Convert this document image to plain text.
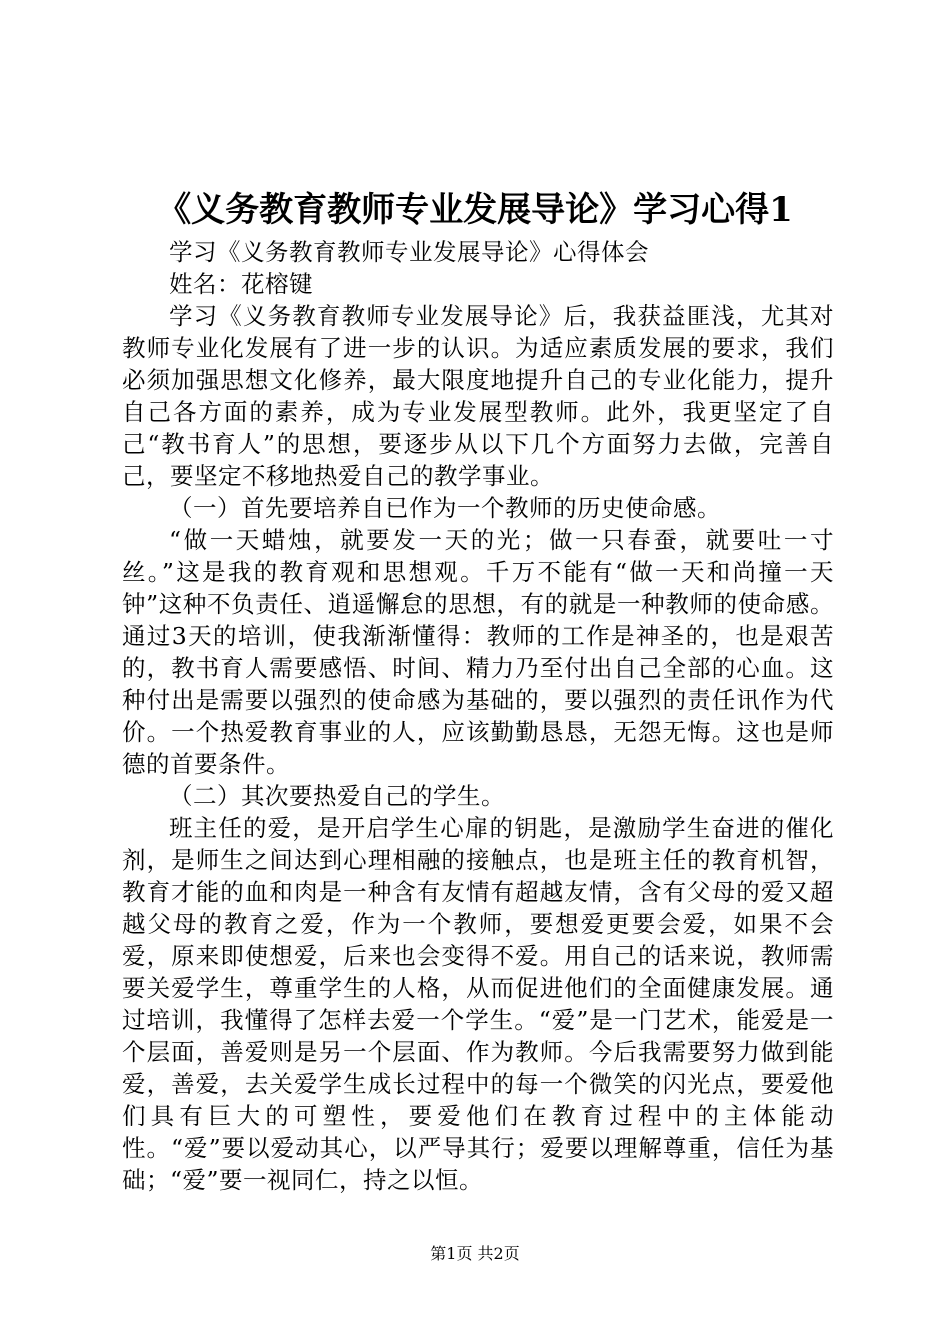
《义务教育教师专业发展导论》学习心得1

学习《义务教育教师专业发展导论》心得体会

姓名：花榕键

学习《义务教育教师专业发展导论》后，我获益匪浅，尤其对教师专业化发展有了进一步的认识。为适应素质发展的要求，我们必须加强思想文化修养，最大限度地提升自己的专业化能力，提升自己各方面的素养，成为专业发展型教师。此外，我更坚定了自己“教书育人”的思想，要逐步从以下几个方面努力去做，完善自己，要坚定不移地热爱自己的教学事业。

（一）首先要培养自已作为一个教师的历史使命感。

“做一天蜡烛，就要发一天的光；做一只春蚕，就要吐一寸丝。”这是我的教育观和思想观。千万不能有“做一天和尚撞一天钟”这种不负责任、逍遥懈怠的思想，有的就是一种教师的使命感。通过3天的培训，使我渐渐懂得：教师的工作是神圣的，也是艰苦的，教书育人需要感悟、时间、精力乃至付出自己全部的心血。这种付出是需要以强烈的使命感为基础的，要以强烈的责任讯作为代价。一个热爱教育事业的人，应该勤勤恳恳，无怨无悔。这也是师德的首要条件。

（二）其次要热爱自己的学生。

班主任的爱，是开启学生心扉的钥匙，是激励学生奋进的催化剂，是师生之间达到心理相融的接触点，也是班主任的教育机智，教育才能的血和肉是一种含有友情有超越友情，含有父母的爱又超越父母的教育之爱，作为一个教师，要想爱更要会爱，如果不会爱，原来即使想爱，后来也会变得不爱。用自己的话来说，教师需要关爱学生，尊重学生的人格，从而促进他们的全面健康发展。通过培训，我懂得了怎样去爱一个学生。“爱”是一门艺术，能爱是一个层面，善爱则是另一个层面、作为教师。今后我需要努力做到能爱，善爱，去关爱学生成长过程中的每一个微笑的闪光点，要爱他们具有巨大的可塑性，要爱他们在教育过程中的主体能动性。“爱”要以爱动其心，以严导其行；爱要以理解尊重，信任为基础；“爱”要一视同仁，持之以恒。

第1页 共2页
